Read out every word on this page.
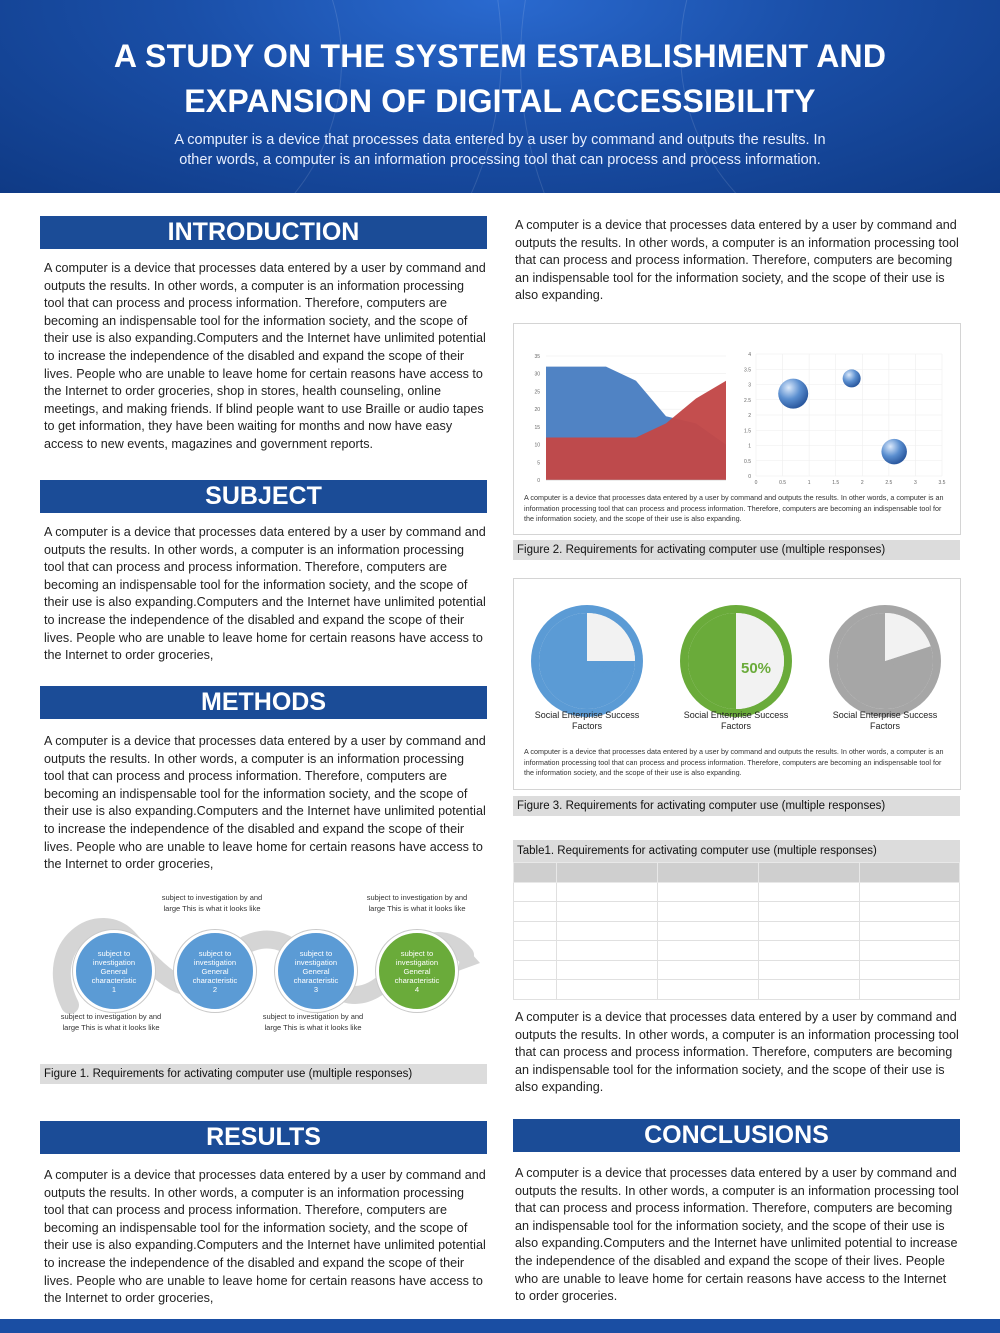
A STUDY ON THE SYSTEM ESTABLISHMENT AND
EXPANSION OF DIGITAL ACCESSIBILITY
A computer is a device that processes data entered by a user by command and outputs the results. In other words, a computer is an information processing tool that can process and process information.
INTRODUCTION
A computer is a device that processes data entered by a user by command and outputs the results. In other words, a computer is an information processing tool that can process and process information. Therefore, computers are becoming an indispensable tool for the information society, and the scope of their use is also expanding.Computers and the Internet have unlimited potential to increase the independence of the disabled and expand the scope of their lives. People who are unable to leave home for certain reasons have access to the Internet to order groceries, shop in stores, health counseling, online meetings, and making friends. If blind people want to use Braille or audio tapes to get information, they have been waiting for months and now have easy access to new events, magazines and government reports.
SUBJECT
A computer is a device that processes data entered by a user by command and outputs the results. In other words, a computer is an information processing tool that can process and process information. Therefore, computers are becoming an indispensable tool for the information society, and the scope of their use is also expanding.Computers and the Internet have unlimited potential to increase the independence of the disabled and expand the scope of their lives. People who are unable to leave home for certain reasons have access to the Internet to order groceries,
METHODS
A computer is a device that processes data entered by a user by command and outputs the results. In other words, a computer is an information processing tool that can process and process information. Therefore, computers are becoming an indispensable tool for the information society, and the scope of their use is also expanding.Computers and the Internet have unlimited potential to increase the independence of the disabled and expand the scope of their lives. People who are unable to leave home for certain reasons have access to the Internet to order groceries,
subject to investigation General characteristic 1
subject to investigation General characteristic 2
subject to investigation General characteristic 3
subject to investigation General characteristic 4
subject to investigation by and large This is what it looks like
subject to investigation by and large This is what it looks like
subject to investigation by and large This is what it looks like
subject to investigation by and large This is what it looks like
Figure 1. Requirements for activating computer use (multiple responses)
RESULTS
A computer is a device that processes data entered by a user by command and outputs the results. In other words, a computer is an information processing tool that can process and process information. Therefore, computers are becoming an indispensable tool for the information society, and the scope of their use is also expanding.Computers and the Internet have unlimited potential to increase the independence of the disabled and expand the scope of their lives. People who are unable to leave home for certain reasons have access to the Internet to order groceries,
A computer is a device that processes data entered by a user by command and outputs the results. In other words, a computer is an information processing tool that can process and process information. Therefore, computers are becoming an indispensable tool for the information society, and the scope of their use is also expanding.
0
5
10
15
20
25
30
35
0	0.5	1	1.5	2	2.5	3	3.5
0
0.5
1
1.5
2
2.5
3
3.5
4
A computer is a device that processes data entered by a user by command and outputs the results. In other words, a computer is an information processing tool that can process and process information. Therefore, computers are becoming an indispensable tool for the information society, and the scope of their use is also expanding.
Figure 2. Requirements for activating computer use (multiple responses)
75%	50%	80%
Social Enterprise Success Factors
Social Enterprise Success Factors
Social Enterprise Success Factors
A computer is a device that processes data entered by a user by command and outputs the results. In other words, a computer is an information processing tool that can process and process information. Therefore, computers are becoming an indispensable tool for the information society, and the scope of their use is also expanding.
Figure 3. Requirements for activating computer use (multiple responses)
Table1. Requirements for activating computer use (multiple responses)

A computer is a device that processes data entered by a user by command and outputs the results. In other words, a computer is an information processing tool that can process and process information. Therefore, computers are becoming an indispensable tool for the information society, and the scope of their use is also expanding.
CONCLUSIONS
A computer is a device that processes data entered by a user by command and outputs the results. In other words, a computer is an information processing tool that can process and process information. Therefore, computers are becoming an indispensable tool for the information society, and the scope of their use is also expanding.Computers and the Internet have unlimited potential to increase the independence of the disabled and expand the scope of their lives. People who are unable to leave home for certain reasons have access to the Internet to order groceries.
